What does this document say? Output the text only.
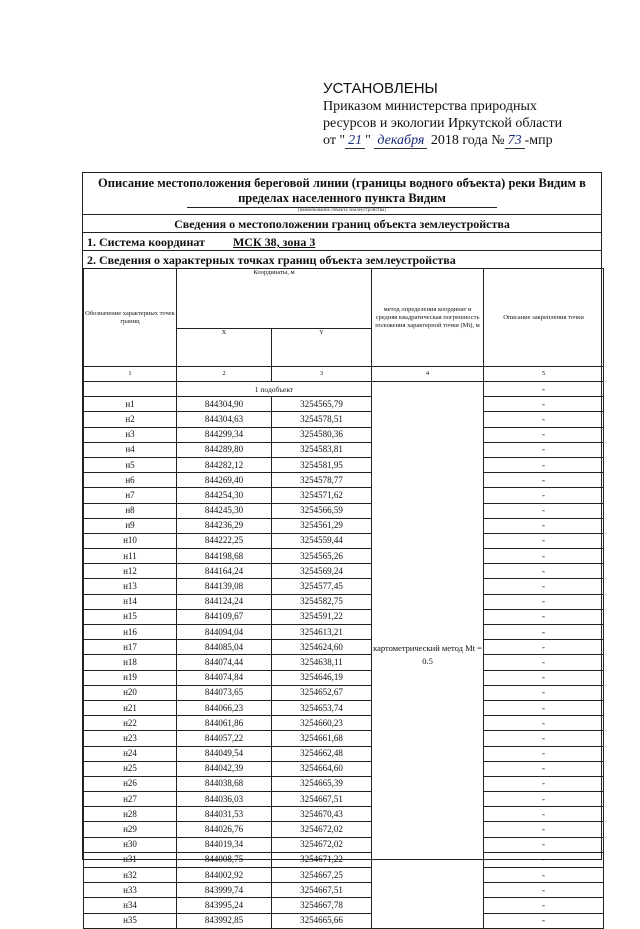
УСТАНОВЛЕНЫ
Приказом министерства природных
ресурсов и экологии Иркутской области
от " 21 " декабря 2018 года № 73 -мпр
Описание местоположения береговой линии (границы водного объекта) реки Видим в
пределах населенного пункта Видим
(наименование объекта землеустройства)
Сведения о местоположении границ объекта землеустройства
1. Система координат МСК 38, зона 3
2. Сведения о характерных точках границ объекта землеустройства
Обозначение характерных точек границ	Координаты, м		метод определения координат и средняя квадратическая погрешность положения характерной точки (Mt), м	Описание закрепления точки
	X	Y		
1	2	3	4	5
	1 подобъект		картометрический метод Mt = 0.5	-
н1	844304,90	3254565,79		-
н2	844304,63	3254578,51		-
н3	844299,34	3254580,36		-
н4	844289,80	3254583,81		-
н5	844282,12	3254581,95		-
н6	844269,40	3254578,77		-
н7	844254,30	3254571,62		-
н8	844245,30	3254566,59		-
н9	844236,29	3254561,29		-
н10	844222,25	3254559,44		-
н11	844198,68	3254565,26		-
н12	844164,24	3254569,24		-
н13	844139,08	3254577,45		-
н14	844124,24	3254582,75		-
н15	844109,67	3254591,22		-
н16	844094,04	3254613,21		-
н17	844085,04	3254624,60		-
н18	844074,44	3254638,11		-
н19	844074,84	3254646,19		-
н20	844073,65	3254652,67		-
н21	844066,23	3254653,74		-
н22	844061,86	3254660,23		-
н23	844057,22	3254661,68		-
н24	844049,54	3254662,48		-
н25	844042,39	3254664,60		-
н26	844038,68	3254665,39		-
н27	844036,03	3254667,51		-
н28	844031,53	3254670,43		-
н29	844026,76	3254672,02		-
н30	844019,34	3254672,02		-
н31	844008,75	3254671,22		-
н32	844002,92	3254667,25		-
н33	843999,74	3254667,51		-
н34	843995,24	3254667,78		-
н35	843992,85	3254665,66		-
